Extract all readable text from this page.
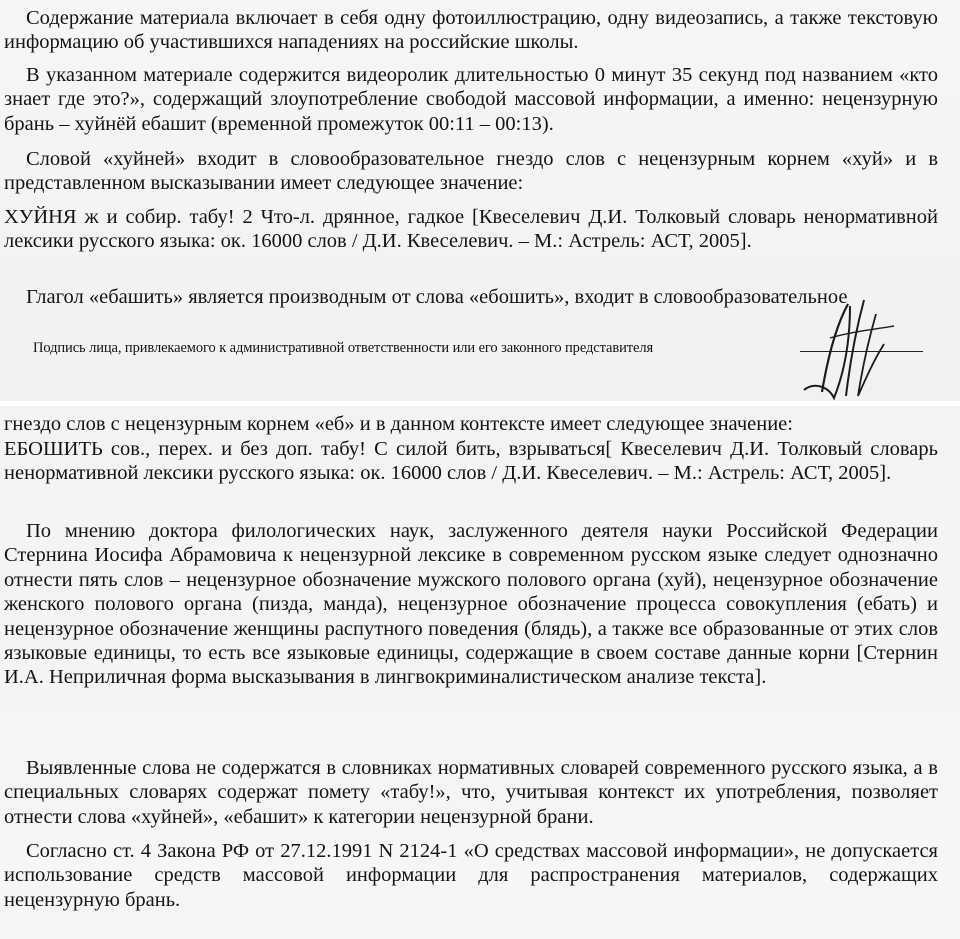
Содержание материала включает в себя одну фотоиллюстрацию, одну видеозапись, а также текстовую информацию об участившихся нападениях на российские школы.

В указанном материале содержится видеоролик длительностью 0 минут 35 секунд под названием «кто знает где это?», содержащий злоупотребление свободой массовой информации, а именно: нецензурную брань – хуйнёй ебашит (временной промежуток 00:11 – 00:13).

Словой «хуйней» входит в словообразовательное гнездо слов с нецензурным корнем «хуй» и в представленном высказывании имеет следующее значение:

ХУЙНЯ ж и собир. табу! 2 Что-л. дрянное, гадкое [Квеселевич Д.И. Толковый словарь ненормативной лексики русского языка: ок. 16000 слов / Д.И. Квеселевич. – М.: Астрель: АСТ, 2005].

Глагол «ебашить» является производным от слова «ебошить», входит в словообразовательное

Подпись лица, привлекаемого к административной ответственности или его законного представителя

гнездо слов с нецензурным корнем «еб» и в данном контексте имеет следующее значение:

ЕБОШИТЬ сов., перех. и без доп. табу! С силой бить, взрываться[ Квеселевич Д.И. Толковый словарь ненормативной лексики русского языка: ок. 16000 слов / Д.И. Квеселевич. – М.: Астрель: АСТ, 2005].

По мнению доктора филологических наук, заслуженного деятеля науки Российской Федерации Стернина Иосифа Абрамовича к нецензурной лексике в современном русском языке следует однозначно отнести пять слов – нецензурное обозначение мужского полового органа (хуй), нецензурное обозначение женского полового органа (пизда, манда), нецензурное обозначение процесса совокупления (ебать) и нецензурное обозначение женщины распутного поведения (блядь), а также все образованные от этих слов языковые единицы, то есть все языковые единицы, содержащие в своем составе данные корни [Стернин И.А. Неприличная форма высказывания в лингвокриминалистическом анализе текста].

Выявленные слова не содержатся в словниках нормативных словарей современного русского языка, а в специальных словарях содержат помету «табу!», что, учитывая контекст их употребления, позволяет отнести слова «хуйней», «ебашит» к категории нецензурной брани.

Согласно ст. 4 Закона РФ от 27.12.1991 N 2124-1 «О средствах массовой информации», не допускается использование средств массовой информации для распространения материалов, содержащих нецензурную брань.
